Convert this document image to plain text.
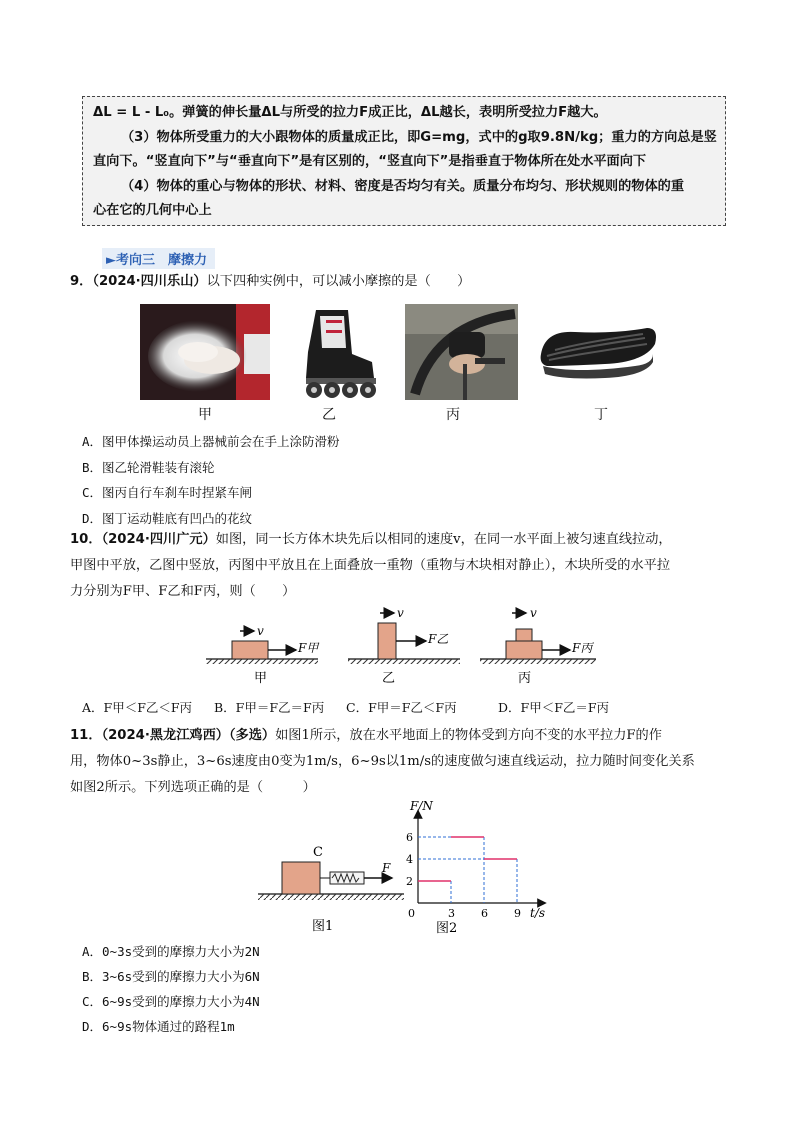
ΔL = L - L₀。弹簧的伸长量ΔL与所受的拉力F成正比，ΔL越长，表明所受拉力F越大。
（3）物体所受重力的大小跟物体的质量成正比，即G=mg，式中的g取9.8N/kg；重力的方向总是竖
直向下。“竖直向下”与“垂直向下”是有区别的，“竖直向下”是指垂直于物体所在处水平面向下
（4）物体的重心与物体的形状、材料、密度是否均匀有关。质量分布均匀、形状规则的物体的重
心在它的几何中心上
►考向三　摩擦力
9．（2024·四川乐山）以下四种实例中，可以减小摩擦的是（　　）
甲	乙	丙	丁
A．图甲体操运动员上器械前会在手上涂防滑粉
B．图乙轮滑鞋装有滚轮
C．图丙自行车刹车时捏紧车闸
D．图丁运动鞋底有凹凸的花纹
10．（2024·四川广元）如图，同一长方体木块先后以相同的速度v，在同一水平面上被匀速直线拉动，
甲图中平放，乙图中竖放，丙图中平放且在上面叠放一重物（重物与木块相对静止），木块所受的水平拉
力分别为F甲、F乙和F丙，则（　　）
v
F甲
甲
v
F乙
乙
v
F丙
丙
A．F甲＜F乙＜F丙 B．F甲＝F乙＝F丙 C．F甲＝F乙＜F丙	D．F甲＜F乙＝F丙
11．（2024·黑龙江鸡西）（多选）如图1所示，放在水平地面上的物体受到方向不变的水平拉力F的作
用，物体0~3s静止，3~6s速度由0变为1m/s，6~9s以1m/s的速度做匀速直线运动，拉力随时间变化关系
如图2所示。下列选项正确的是（　　　）
C
F
图1
0	3 6 9
2
4
6
F/N
t/s
图2
A．0~3s受到的摩擦力大小为2N
B．3~6s受到的摩擦力大小为6N
C．6~9s受到的摩擦力大小为4N
D．6~9s物体通过的路程1m
